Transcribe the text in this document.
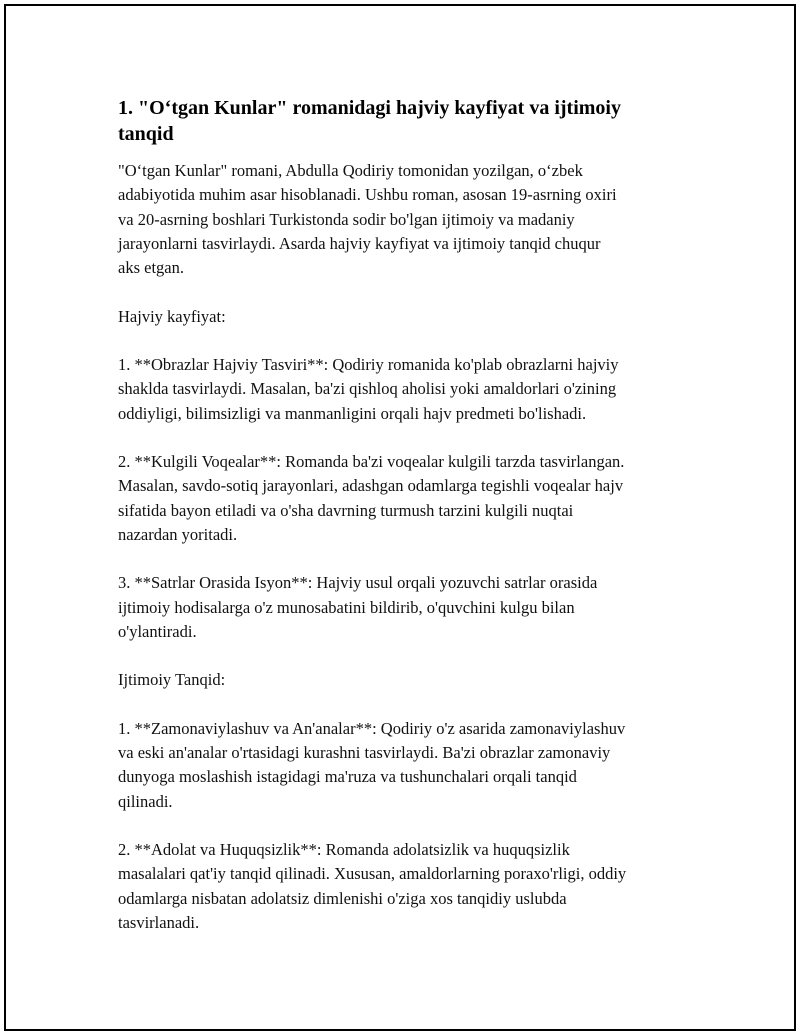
1. "O‘tgan Kunlar" romanidagi hajviy kayfiyat va ijtimoiy
tanqid

"O‘tgan Kunlar" romani, Abdulla Qodiriy tomonidan yozilgan, o‘zbek
adabiyotida muhim asar hisoblanadi. Ushbu roman, asosan 19-asrning oxiri
va 20-asrning boshlari Turkistonda sodir bo'lgan ijtimoiy va madaniy
jarayonlarni tasvirlaydi. Asarda hajviy kayfiyat va ijtimoiy tanqid chuqur
aks etgan.

Hajviy kayfiyat:

1. **Obrazlar Hajviy Tasviri**: Qodiriy romanida ko'plab obrazlarni hajviy
shaklda tasvirlaydi. Masalan, ba'zi qishloq aholisi yoki amaldorlari o'zining
oddiyligi, bilimsizligi va manmanligini orqali hajv predmeti bo'lishadi.

2. **Kulgili Voqealar**: Romanda ba'zi voqealar kulgili tarzda tasvirlangan.
Masalan, savdo-sotiq jarayonlari, adashgan odamlarga tegishli voqealar hajv
sifatida bayon etiladi va o'sha davrning turmush tarzini kulgili nuqtai
nazardan yoritadi.

3. **Satrlar Orasida Isyon**: Hajviy usul orqali yozuvchi satrlar orasida
ijtimoiy hodisalarga o'z munosabatini bildirib, o'quvchini kulgu bilan
o'ylantiradi.

Ijtimoiy Tanqid:

1. **Zamonaviylashuv va An'analar**: Qodiriy o'z asarida zamonaviylashuv
va eski an'analar o'rtasidagi kurashni tasvirlaydi. Ba'zi obrazlar zamonaviy
dunyoga moslashish istagidagi ma'ruza va tushunchalari orqali tanqid
qilinadi.

2. **Adolat va Huquqsizlik**: Romanda adolatsizlik va huquqsizlik
masalalari qat'iy tanqid qilinadi. Xususan, amaldorlarning poraxo'rligi, oddiy
odamlarga nisbatan adolatsiz dimlenishi o'ziga xos tanqidiy uslubda
tasvirlanadi.
